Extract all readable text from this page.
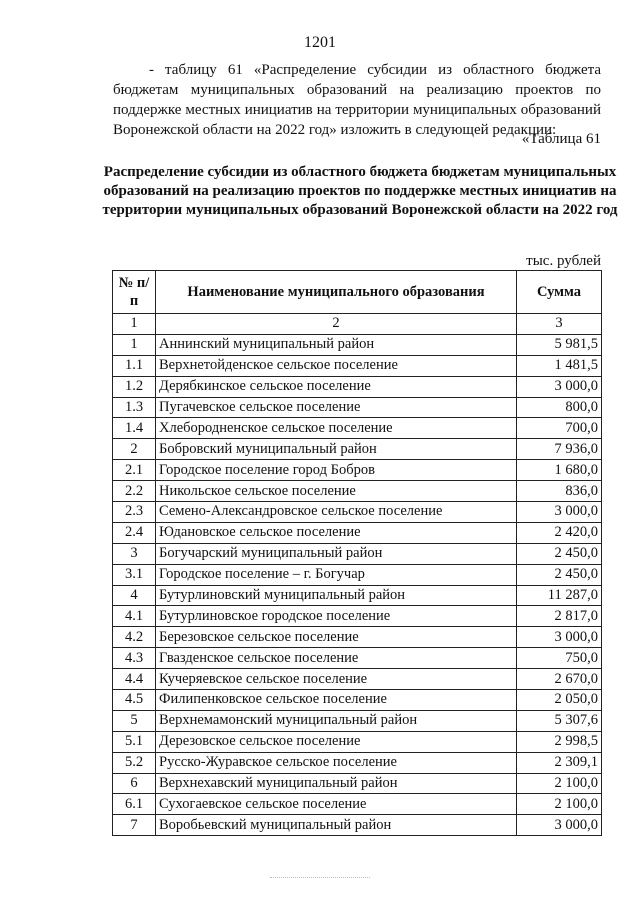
1201

- таблицу 61 «Распределение субсидии из областного бюджета бюджетам муниципальных образований на реализацию проектов по поддержке местных инициатив на территории муниципальных образований Воронежской области на 2022 год» изложить в следующей редакции:

«Таблица 61
Распределение субсидии из областного бюджета бюджетам муниципальных образований на реализацию проектов по поддержке местных инициатив на территории муниципальных образований Воронежской области на 2022 год
тыс. рублей
№ п/п	Наименование муниципального образования	Сумма
1	2	3
1	Аннинский муниципальный район	5 981,5
1.1	Верхнетойденское сельское поселение	1 481,5
1.2	Дерябкинское сельское поселение	3 000,0
1.3	Пугачевское сельское поселение	800,0
1.4	Хлебородненское сельское поселение	700,0
2	Бобровский муниципальный район	7 936,0
2.1	Городское поселение город Бобров	1 680,0
2.2	Никольское сельское поселение	836,0
2.3	Семено-Александровское сельское поселение	3 000,0
2.4	Юдановское сельское поселение	2 420,0
3	Богучарский муниципальный район	2 450,0
3.1	Городское поселение – г. Богучар	2 450,0
4	Бутурлиновский муниципальный район	11 287,0
4.1	Бутурлиновское городское поселение	2 817,0
4.2	Березовское сельское поселение	3 000,0
4.3	Гвазденское сельское поселение	750,0
4.4	Кучеряевское сельское поселение	2 670,0
4.5	Филипенковское сельское поселение	2 050,0
5	Верхнемамонский муниципальный район	5 307,6
5.1	Дерезовское сельское поселение	2 998,5
5.2	Русско-Журавское сельское поселение	2 309,1
6	Верхнехавский муниципальный район	2 100,0
6.1	Сухогаевское сельское поселение	2 100,0
7	Воробьевский муниципальный район	3 000,0
